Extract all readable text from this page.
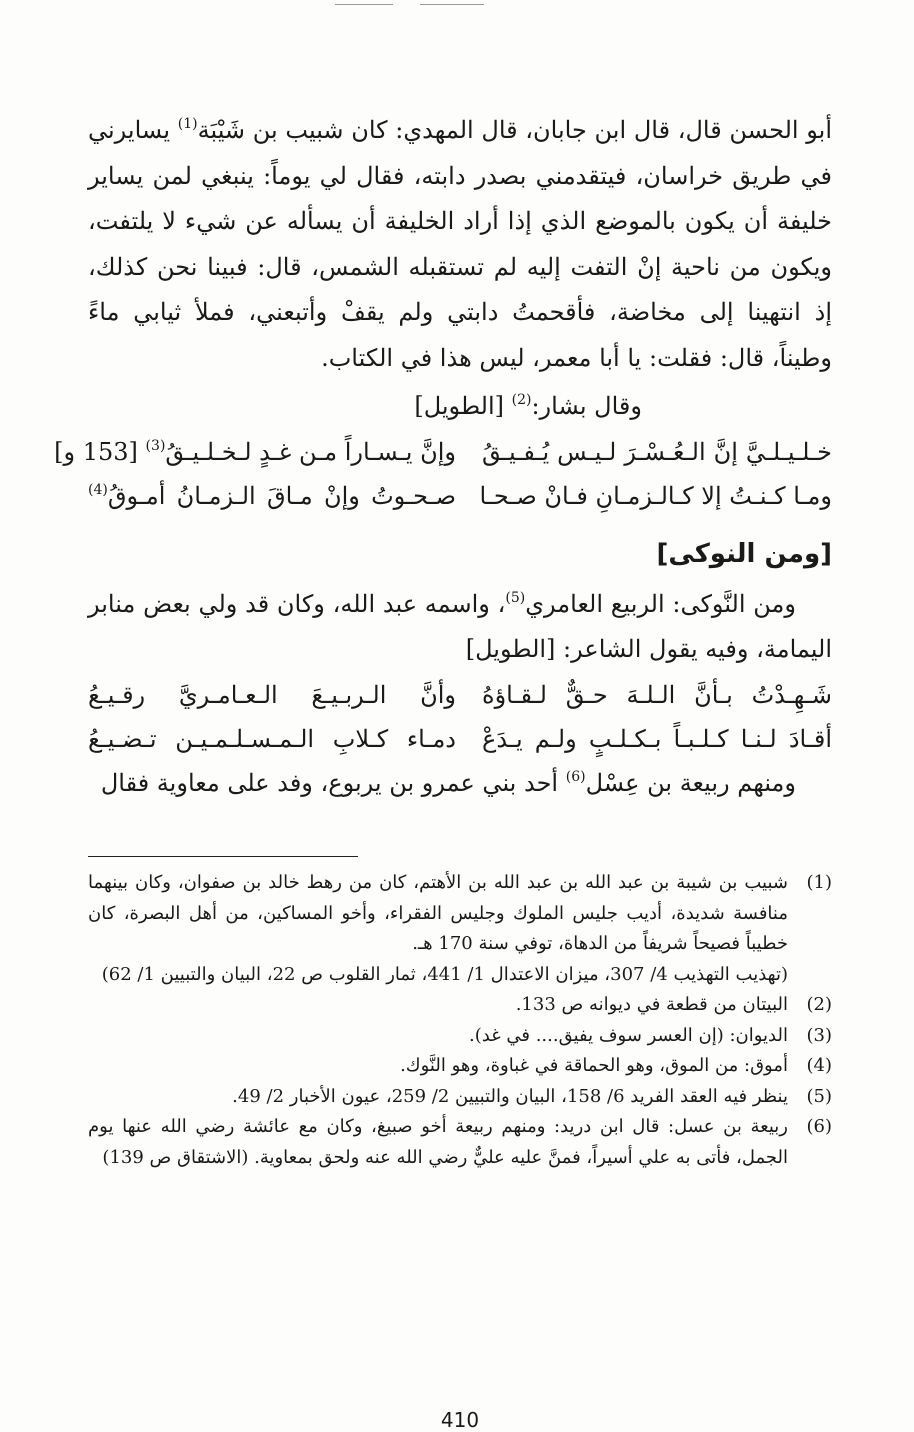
أبو الحسن قال، قال ابن جابان، قال المهدي: كان شبيب بن شَيْبَة$^{(1)}$ يسايرني في طريق خراسان، فيتقدمني بصدر دابته، فقال لي يوماً: ينبغي لمن يساير خليفة أن يكون بالموضع الذي إذا أراد الخليفة أن يسأله عن شيء لا يلتفت، ويكون من ناحية إنْ التفت إليه لم تستقبله الشمس، قال: فبينا نحن كذلك، إذ انتهينا إلى مخاضة، فأقحمتُ دابتي ولم يقفْ وأتبعني، فملأ ثيابي ماءً وطيناً، قال: فقلت: يا أبا معمر، ليس هذا في الكتاب.

وقال بشار:$^{(2)}$ [الطويل]

خـلـيـلـيَّ إنَّ الـعُـسْـرَ لـيـس يُـفـيـقُ
وإنَّ يـسـاراً مـن غـدٍ لـخـلـيـقُ$^{(3)}$ [153 و]
ومـا كـنـتُ إلا كـالـزمـانِ فـانْ صـحـا
صـحـوتُ وإنْ مـاقَ الـزمـانُ أمـوقُ$^{(4)}$
[ومن النوكى]

ومن النَّوكى: الربيع العامري$^{(5)}$، واسمه عبد الله، وكان قد ولي بعض منابر اليمامة، وفيه يقول الشاعر: [الطويل]

شَـهِـدْتُ بـأنَّ الـلـهَ حـقٌّ لـقـاؤهُ
وأنَّ الـربـيـعَ الـعـامـريَّ رقـيـعُ
أقـادَ لـنـا كـلـبـاً بـكـلـبٍ ولـم يـدَعْ
دمـاء كـلابِ الـمـسـلـمـيـن تـضـيـعُ

ومنهم ربيعة بن عِسْل$^{(6)}$ أحد بني عمرو بن يربوع، وفد على معاوية فقال

(1)
شبيب بن شيبة بن عبد الله بن عبد الله بن الأهتم، كان من رهط خالد بن صفوان، وكان بينهما منافسة شديدة، أديب جليس الملوك وجليس الفقراء، وأخو المساكين، من أهل البصرة، كان خطيباً فصيحاً شريفاً من الدهاة، توفي سنة 170 هـ.
(تهذيب التهذيب 4/ 307، ميزان الاعتدال 1/ 441، ثمار القلوب ص 22، البيان والتبيين 1/ 62)
(2)
البيتان من قطعة في ديوانه ص 133.
(3)
الديوان: (إن العسر سوف يفيق.... في غد).
(4)
أموق: من الموق، وهو الحماقة في غباوة، وهو النَّوك.
(5)
ينظر فيه العقد الفريد 6/ 158، البيان والتبيين 2/ 259، عيون الأخبار 2/ 49.
(6)
ربيعة بن عسل: قال ابن دريد: ومنهم ربيعة أخو صبيغ، وكان مع عائشة رضي الله عنها يوم الجمل، فأتى به علي أسيراً، فمنَّ عليه عليٌّ رضي الله عنه ولحق بمعاوية. (الاشتقاق ص 139)
410
